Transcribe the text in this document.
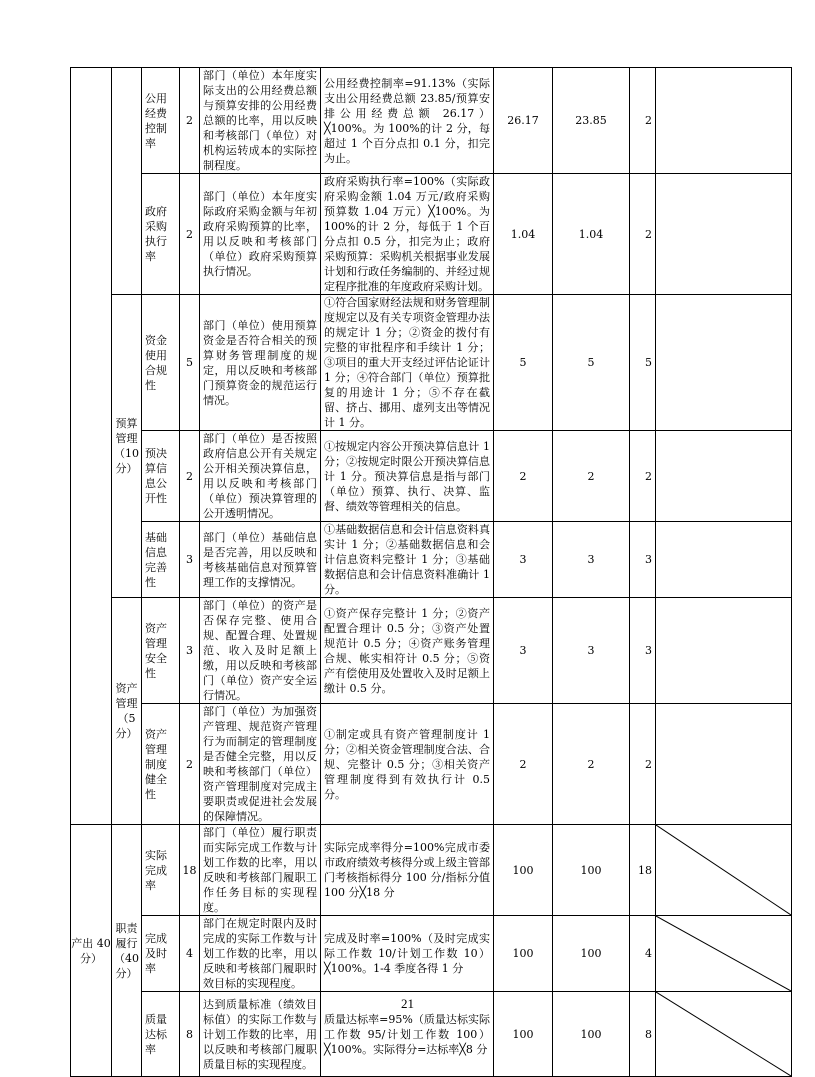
		公用经费控制率	2	部门（单位）本年度实际支出的公用经费总额与预算安排的公用经费总额的比率，用以反映和考核部门（单位）对机构运转成本的实际控制程度。	公用经费控制率=91.13%（实际支出公用经费总额 23.85/预算安排公用经费总额 26.17）╳100%。为 100%的计 2 分，每超过 1 个百分点扣 0.1 分，扣完为止。	26.17	23.85	2	
		政府采购执行率	2	部门（单位）本年度实际政府采购金额与年初政府采购预算的比率，用以反映和考核部门（单位）政府采购预算执行情况。	政府采购执行率=100%（实际政府采购金额 1.04 万元/政府采购预算数 1.04 万元）╳100%。为 100%的计 2 分，每低于 1 个百分点扣 0.5 分，扣完为止；政府采购预算：采购机关根据事业发展计划和行政任务编制的、并经过规定程序批准的年度政府采购计划。	1.04	1.04	2	
	预算管理（10分）	资金使用合规性	5	部门（单位）使用预算资金是否符合相关的预算财务管理制度的规定，用以反映和考核部门预算资金的规范运行情况。	①符合国家财经法规和财务管理制度规定以及有关专项资金管理办法的规定计 1 分；②资金的拨付有完整的审批程序和手续计 1 分；③项目的重大开支经过评估论证计 1 分；④符合部门（单位）预算批复的用途计 1 分；⑤不存在截留、挤占、挪用、虚列支出等情况计 1 分。	5	5	5	
		预决算信息公开性	2	部门（单位）是否按照政府信息公开有关规定公开相关预决算信息，用以反映和考核部门（单位）预决算管理的公开透明情况。	①按规定内容公开预决算信息计 1 分；②按规定时限公开预决算信息计 1 分。预决算信息是指与部门（单位）预算、执行、决算、监督、绩效等管理相关的信息。	2	2	2	
		基础信息完善性	3	部门（单位）基础信息是否完善，用以反映和考核基础信息对预算管理工作的支撑情况。	①基础数据信息和会计信息资料真实计 1 分；②基础数据信息和会计信息资料完整计 1 分；③基础数据信息和会计信息资料准确计 1 分。	3	3	3	
	资产管理（5分）	资产管理安全性	3	部门（单位）的资产是否保存完整、使用合规、配置合理、处置规范、收入及时足额上缴，用以反映和考核部门（单位）资产安全运行情况。	①资产保存完整计 1 分；②资产配置合理计 0.5 分；③资产处置规范计 0.5 分；④资产账务管理合规、帐实相符计 0.5 分；⑤资产有偿使用及处置收入及时足额上缴计 0.5 分。	3	3	3	
		资产管理制度健全性	2	部门（单位）为加强资产管理、规范资产管理行为而制定的管理制度是否健全完整，用以反映和考核部门（单位）资产管理制度对完成主要职责或促进社会发展的保障情况。	①制定或具有资产管理制度计 1 分；②相关资金管理制度合法、合规、完整计 0.5 分；③相关资产管理制度得到有效执行计 0.5 分。	2	2	2	
产出 40 分）	职责履行（40分）	实际完成率	18	部门（单位）履行职责而实际完成工作数与计划工作数的比率，用以反映和考核部门履职工作任务目标的实现程度。	实际完成率得分=100%完成市委市政府绩效考核得分或上级主管部门考核指标得分 100 分/指标分值 100 分╳18 分	100	100	18	

		完成及时率	4	部门在规定时限内及时完成的实际工作数与计划工作数的比率，用以反映和考核部门履职时效目标的实现程度。	完成及时率=100%（及时完成实际工作数 10/计划工作数 10）╳100%。1-4 季度各得 1 分	100	100	4	

		质量达标率	8	达到质量标准（绩效目标值）的实际工作数与计划工作数的比率，用以反映和考核部门履职质量目标的实现程度。	质量达标率=95%（质量达标实际工作数 95/计划工作数 100）╳100%。实际得分=达标率╳8 分	100	100	8	
21
